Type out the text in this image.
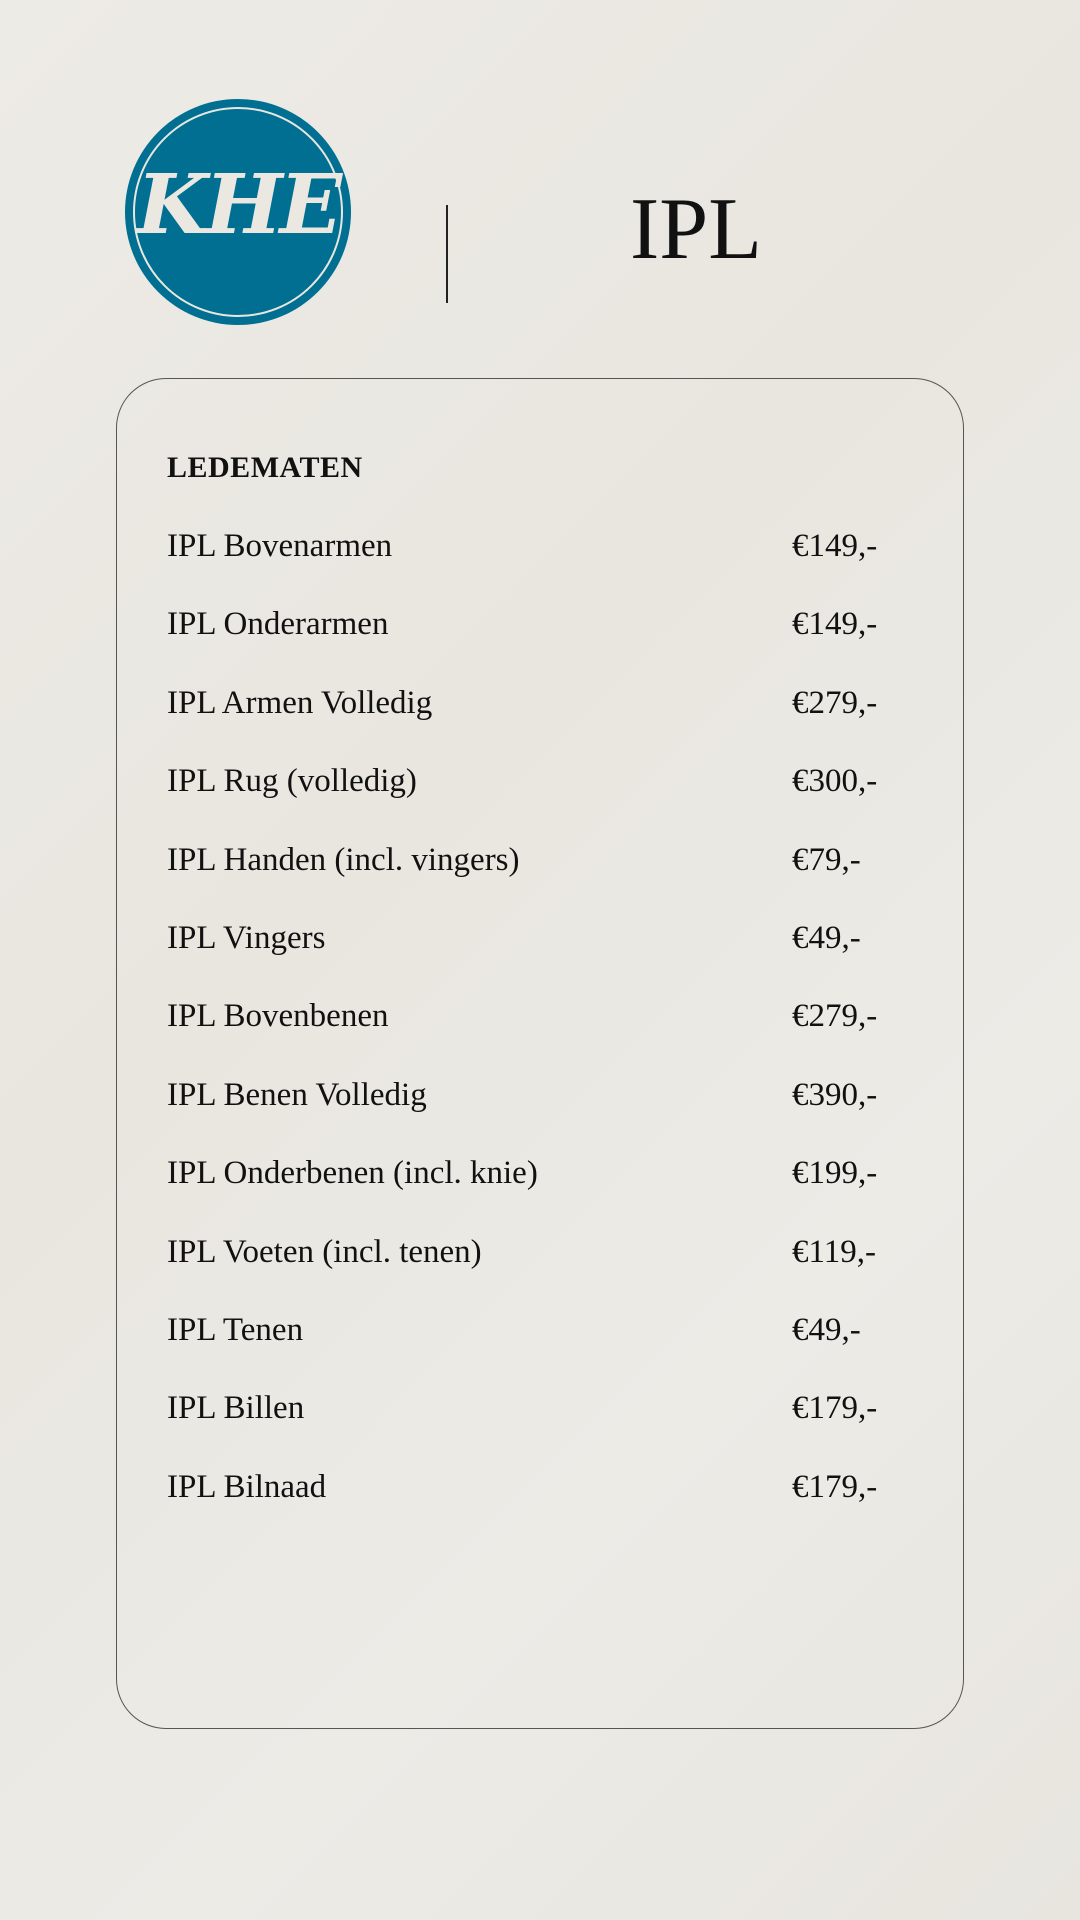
KHE	IPL
LEDEMATEN
IPL Bovenarmen	€149,-
IPL Onderarmen	€149,-
IPL Armen Volledig	€279,-
IPL Rug (volledig)	€300,-
IPL Handen (incl. vingers)	€79,-
IPL Vingers	€49,-
IPL Bovenbenen	€279,-
IPL Benen Volledig	€390,-
IPL Onderbenen (incl. knie)	€199,-
IPL Voeten (incl. tenen)	€119,-
IPL Tenen	€49,-
IPL Billen	€179,-
IPL Bilnaad	€179,-
